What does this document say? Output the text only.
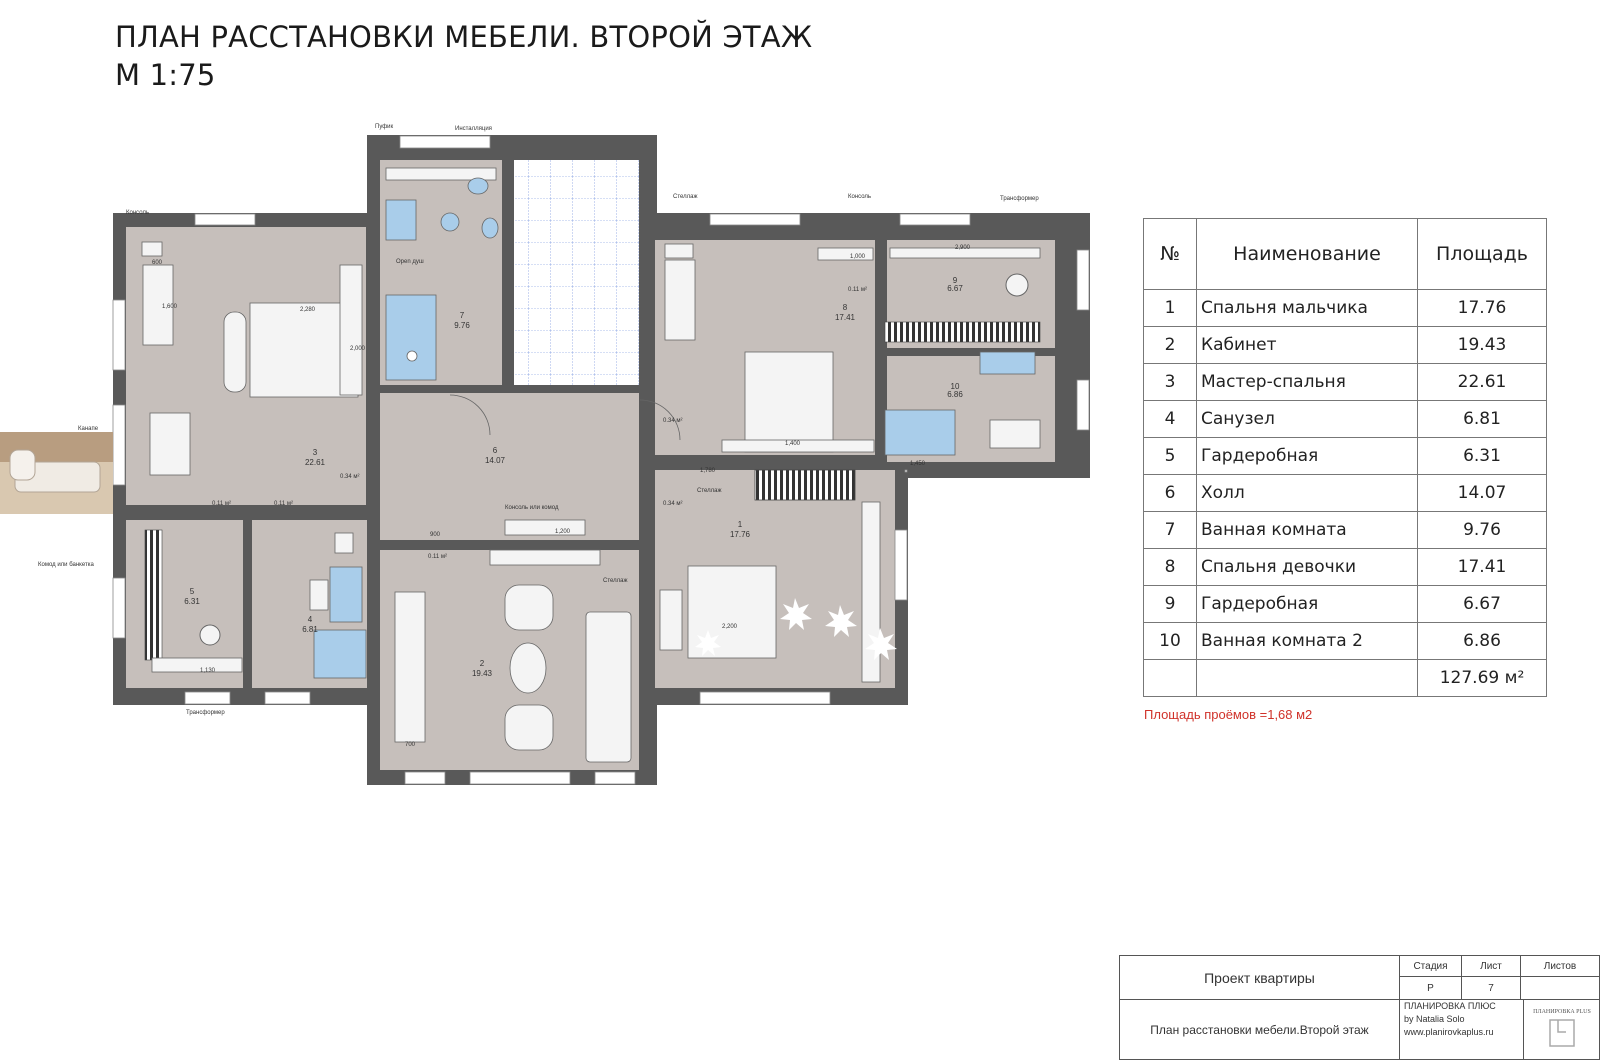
ПЛАН РАССТАНОВКИ МЕБЕЛИ. ВТОРОЙ ЭТАЖ
М 1:75
3
22.61
5
6.31
4
6.81
7
9.76
6
14.07
2
19.43
8
17.41
9
6.67
10
6.86
1
17.76
Пуфик	Инсталляция
Консоль
Канапе
Стеллаж	Консоль	Трансформер
Комод или банкетка
Трансформер
Консоль или комод
Стеллаж
Стеллаж
Open душ
2,280
1,600
2,000
1,400
2,200
1,200
2,900
1,000
1,450
1,780
1,130
700
900
600
0.11 м²
0.34 м²
0.11 м²
0.11 м²
0.34 м²
0.34 м²
0.11 м²
№	Наименование	Площадь
1	Спальня мальчика	17.76
2	Кабинет	19.43
3	Мастер-спальня	22.61
4	Санузел	6.81
5	Гардеробная	6.31
6	Холл	14.07
7	Ванная комната	9.76
8	Спальня девочки	17.41
9	Гардеробная	6.67
10	Ванная комната 2	6.86
		127.69 м²
Площадь проёмов =1,68 м2
Проект квартиры
План расстановки мебели.Второй этаж
Стадия	Лист	Листов
Р	7
ПЛАНИРОВКА ПЛЮС
by Natalia Solo
www.planirovkaplus.ru
ПЛАНИРОВКА PLUS
